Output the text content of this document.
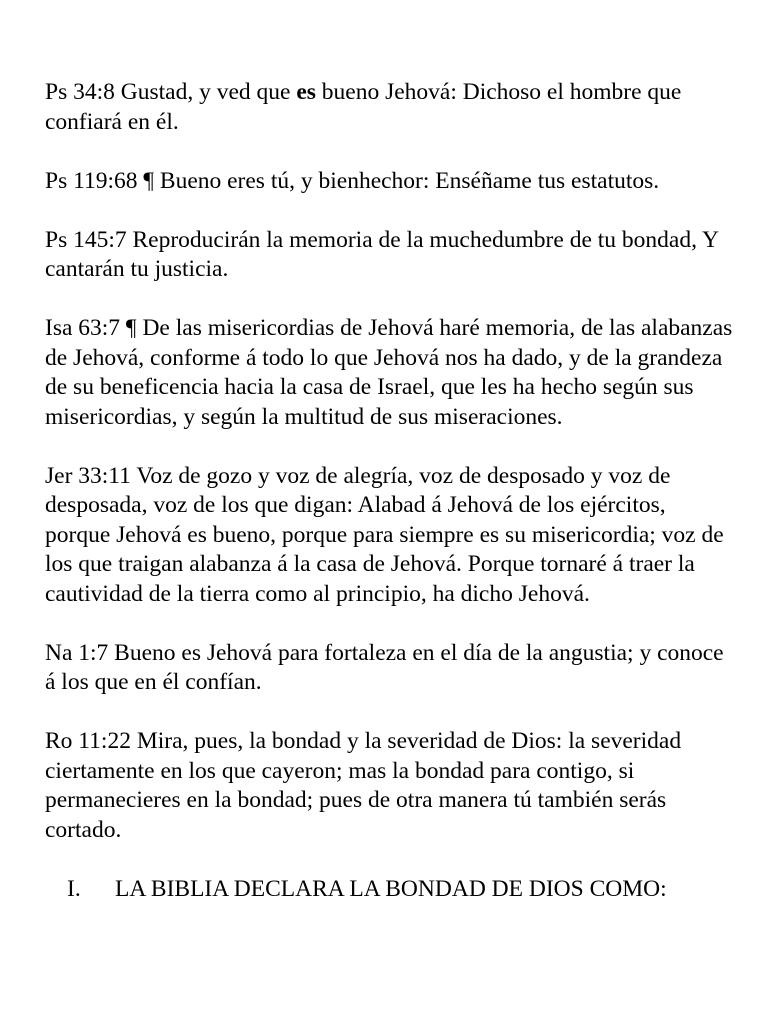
Ps 34:8 Gustad, y ved que es bueno Jehová: Dichoso el hombre que confiará en él.

Ps 119:68 ¶ Bueno eres tú, y bienhechor: Enséñame tus estatutos.

Ps 145:7 Reproducirán la memoria de la muchedumbre de tu bondad, Y cantarán tu justicia.

Isa 63:7 ¶ De las misericordias de Jehová haré memoria, de las alabanzas de Jehová, conforme á todo lo que Jehová nos ha dado, y de la grandeza de su beneficencia hacia la casa de Israel, que les ha hecho según sus misericordias, y según la multitud de sus miseraciones.

Jer 33:11 Voz de gozo y voz de alegría, voz de desposado y voz de desposada, voz de los que digan: Alabad á Jehová de los ejércitos, porque Jehová es bueno, porque para siempre es su misericordia; voz de los que traigan alabanza á la casa de Jehová. Porque tornaré á traer la cautividad de la tierra como al principio, ha dicho Jehová.

Na 1:7 Bueno es Jehová para fortaleza en el día de la angustia; y conoce á los que en él confían.

Ro 11:22 Mira, pues, la bondad y la severidad de Dios: la severidad ciertamente en los que cayeron; mas la bondad para contigo, si permanecieres en la bondad; pues de otra manera tú también serás cortado.

I.	LA BIBLIA DECLARA LA BONDAD DE DIOS COMO:
